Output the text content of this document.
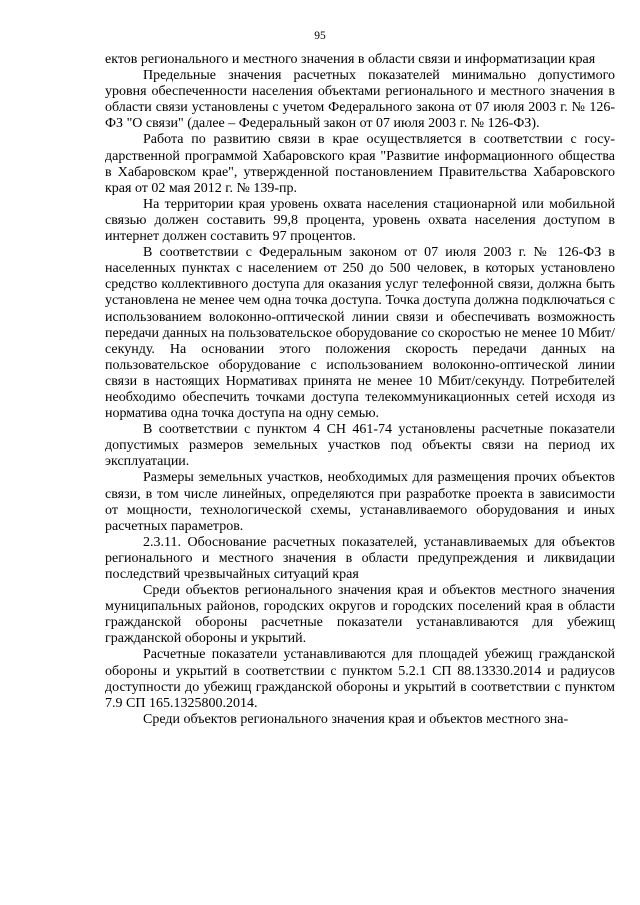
95

ектов регионального и местного значения в области связи и информатизации края

Предельные значения расчетных показателей минимально допустимого уровня обеспеченности населения объектами регионального и местного значения в области связи установлены с учетом Федерального закона от 07 июля 2003 г. № 126-ФЗ "О связи" (далее – Федеральный закон от 07 июля 2003 г. № 126-ФЗ).

Работа по развитию связи в крае осуществляется в соответствии с государственной программой Хабаровского края "Развитие информационного общества в Хабаровском крае", утвержденной постановлением Правительства Хабаровского края от 02 мая 2012 г. № 139-пр.

На территории края уровень охвата населения стационарной или мобильной связью должен составить 99,8 процента, уровень охвата населения доступом в интернет должен составить 97 процентов.

В соответствии с Федеральным законом от 07 июля 2003 г. № 126-ФЗ в населенных пунктах с населением от 250 до 500 человек, в которых установлено средство коллективного доступа для оказания услуг телефонной связи, должна быть установлена не менее чем одна точка доступа. Точка доступа должна подключаться с использованием волоконно-оптической линии связи и обеспечивать возможность передачи данных на пользовательское оборудование со скоростью не менее 10 Мбит/секунду. На основании этого положения скорость передачи данных на пользовательское оборудование с использованием волоконно-оптической линии связи в настоящих Нормативах принята не менее 10 Мбит/секунду. Потребителей необходимо обеспечить точками доступа телекоммуникационных сетей исходя из норматива одна точка доступа на одну семью.

В соответствии с пунктом 4 СН 461-74 установлены расчетные показатели допустимых размеров земельных участков под объекты связи на период их эксплуатации.

Размеры земельных участков, необходимых для размещения прочих объектов связи, в том числе линейных, определяются при разработке проекта в зависимости от мощности, технологической схемы, устанавливаемого оборудования и иных расчетных параметров.

2.3.11. Обоснование расчетных показателей, устанавливаемых для объектов регионального и местного значения в области предупреждения и ликвидации последствий чрезвычайных ситуаций края

Среди объектов регионального значения края и объектов местного значения муниципальных районов, городских округов и городских поселений края в области гражданской обороны расчетные показатели устанавливаются для убежищ гражданской обороны и укрытий.

Расчетные показатели устанавливаются для площадей убежищ гражданской обороны и укрытий в соответствии с пунктом 5.2.1 СП 88.13330.2014 и радиусов доступности до убежищ гражданской обороны и укрытий в соответствии с пунктом 7.9 СП 165.1325800.2014.

Среди объектов регионального значения края и объектов местного зна-
